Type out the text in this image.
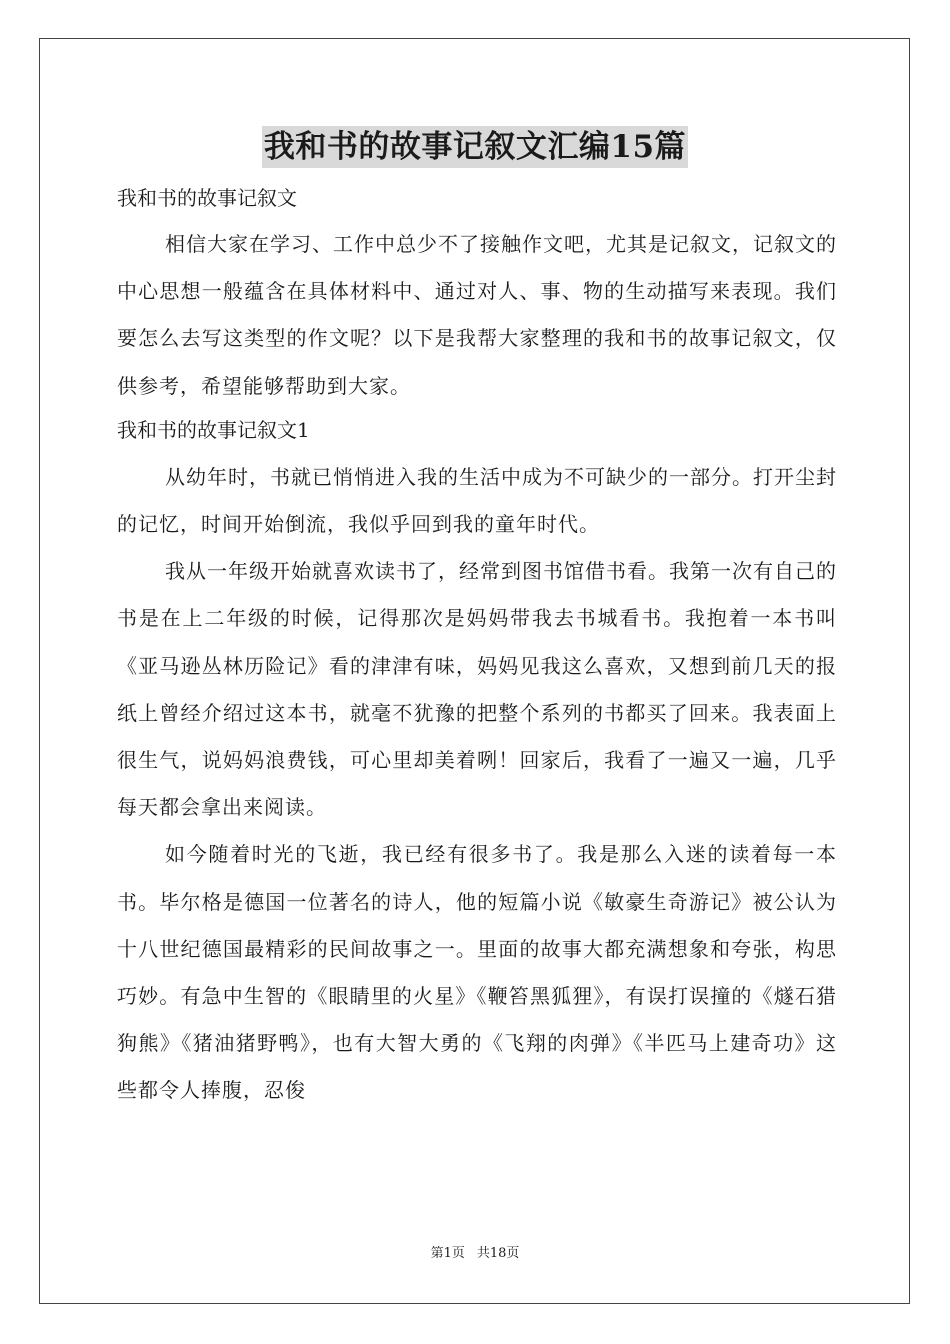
我和书的故事记叙文汇编15篇

我和书的故事记叙文

相信大家在学习、工作中总少不了接触作文吧，尤其是记叙文，记叙文的中心思想一般蕴含在具体材料中、通过对人、事、物的生动描写来表现。我们要怎么去写这类型的作文呢？以下是我帮大家整理的我和书的故事记叙文，仅供参考，希望能够帮助到大家。

我和书的故事记叙文1

从幼年时，书就已悄悄进入我的生活中成为不可缺少的一部分。打开尘封的记忆，时间开始倒流，我似乎回到我的童年时代。

我从一年级开始就喜欢读书了，经常到图书馆借书看。我第一次有自己的书是在上二年级的时候，记得那次是妈妈带我去书城看书。我抱着一本书叫《亚马逊丛林历险记》看的津津有味，妈妈见我这么喜欢，又想到前几天的报纸上曾经介绍过这本书，就毫不犹豫的把整个系列的书都买了回来。我表面上很生气，说妈妈浪费钱，可心里却美着咧！回家后，我看了一遍又一遍，几乎每天都会拿出来阅读。

如今随着时光的飞逝，我已经有很多书了。我是那么入迷的读着每一本书。毕尔格是德国一位著名的诗人，他的短篇小说《敏豪生奇游记》被公认为十八世纪德国最精彩的民间故事之一。里面的故事大都充满想象和夸张，构思巧妙。有急中生智的《眼睛里的火星》《鞭笞黑狐狸》，有误打误撞的《燧石猎狗熊》《猪油猪野鸭》，也有大智大勇的《飞翔的肉弹》《半匹马上建奇功》这些都令人捧腹，忍俊

第1页 共18页
